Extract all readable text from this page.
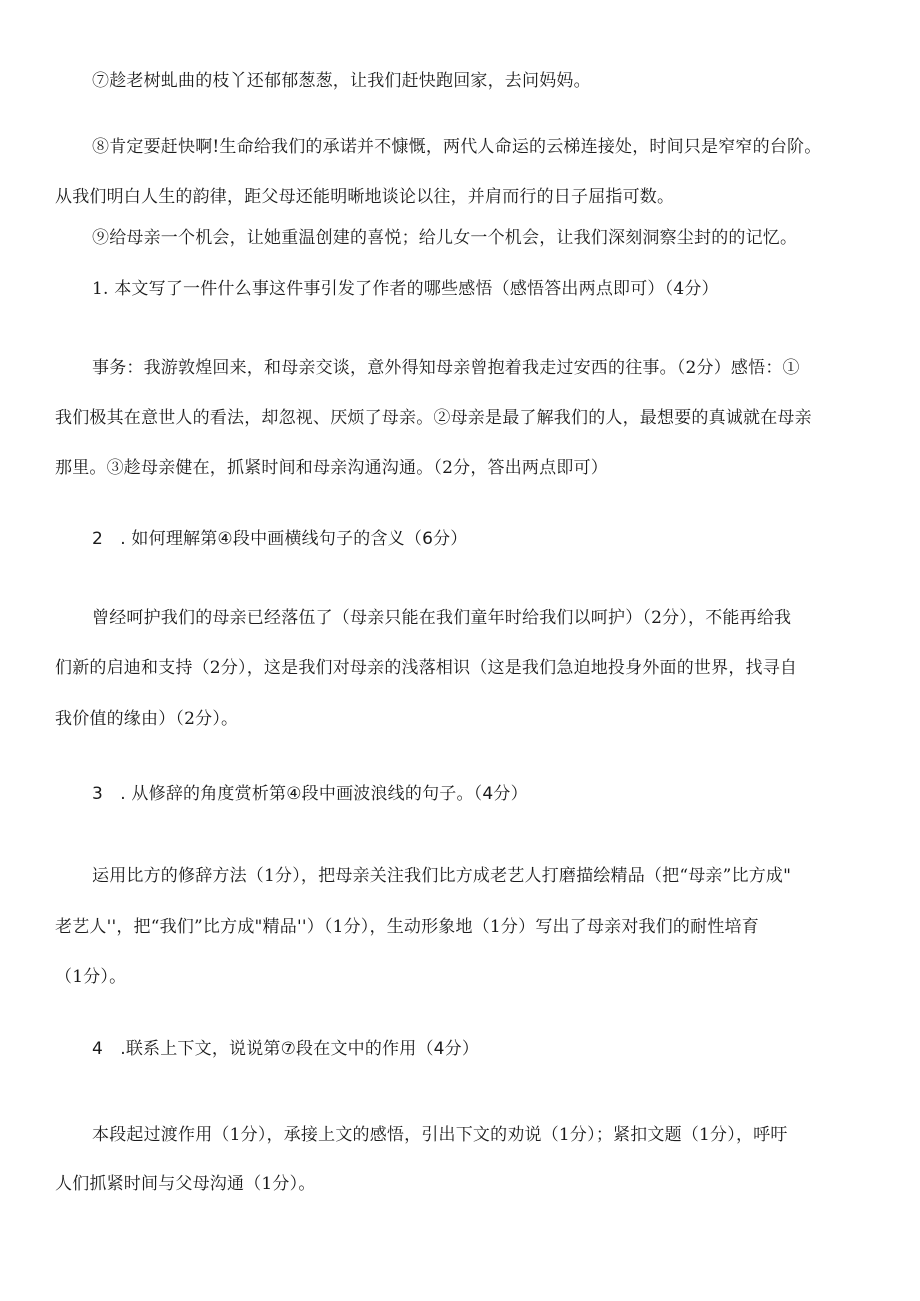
⑦趁老树虬曲的枝丫还郁郁葱葱，让我们赶快跑回家，去问妈妈。
⑧肯定要赶快啊!生命给我们的承诺并不慷慨，两代人命运的云梯连接处，时间只是窄窄的台阶。
从我们明白人生的韵律，距父母还能明晰地谈论以往，并肩而行的日子屈指可数。
⑨给母亲一个机会，让她重温创建的喜悦；给儿女一个机会，让我们深刻洞察尘封的的记忆。
1. 本文写了一件什么事这件事引发了作者的哪些感悟（感悟答出两点即可）（4分）
事务：我游敦煌回来，和母亲交谈，意外得知母亲曾抱着我走过安西的往事。（2分）感悟：①
我们极其在意世人的看法，却忽视、厌烦了母亲。②母亲是最了解我们的人，最想要的真诚就在母亲
那里。③趁母亲健在，抓紧时间和母亲沟通沟通。（2分，答出两点即可）
2　. 如何理解第④段中画横线句子的含义（6分）
曾经呵护我们的母亲已经落伍了（母亲只能在我们童年时给我们以呵护）（2分），不能再给我
们新的启迪和支持（2分），这是我们对母亲的浅落相识（这是我们急迫地投身外面的世界，找寻自
我价值的缘由）（2分）。
3　. 从修辞的角度赏析第④段中画波浪线的句子。（4分）
运用比方的修辞方法（1分），把母亲关注我们比方成老艺人打磨描绘精品（把“母亲”比方成"
老艺人''，把“我们”比方成"精品''）（1分），生动形象地（1分）写出了母亲对我们的耐性培育
（1分）。
4　.联系上下文，说说第⑦段在文中的作用（4分）
本段起过渡作用（1分），承接上文的感悟，引出下文的劝说（1分）；紧扣文题（1分），呼吁
人们抓紧时间与父母沟通（1分）。
